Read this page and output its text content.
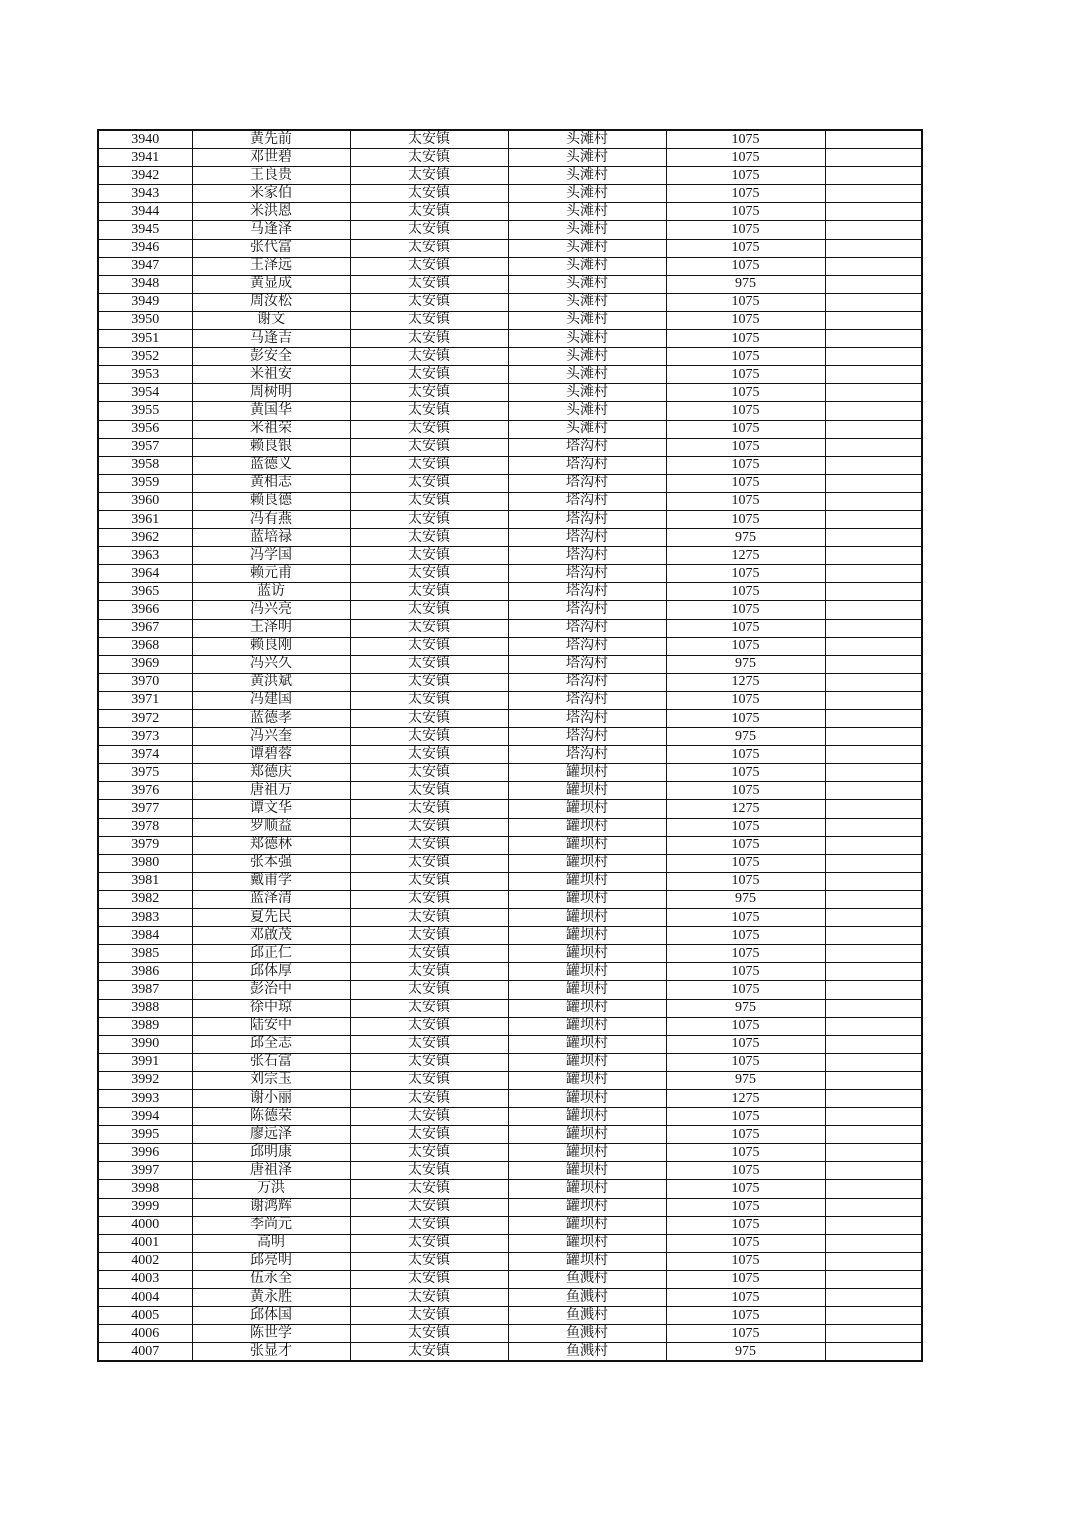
3940	黄先前	太安镇	头滩村	1075	
3941	邓世碧	太安镇	头滩村	1075	
3942	王良贵	太安镇	头滩村	1075	
3943	米家伯	太安镇	头滩村	1075	
3944	米洪恩	太安镇	头滩村	1075	
3945	马逢泽	太安镇	头滩村	1075	
3946	张代富	太安镇	头滩村	1075	
3947	王泽远	太安镇	头滩村	1075	
3948	黄显成	太安镇	头滩村	975	
3949	周汝松	太安镇	头滩村	1075	
3950	谢文	太安镇	头滩村	1075	
3951	马逢吉	太安镇	头滩村	1075	
3952	彭安全	太安镇	头滩村	1075	
3953	米祖安	太安镇	头滩村	1075	
3954	周树明	太安镇	头滩村	1075	
3955	黄国华	太安镇	头滩村	1075	
3956	米祖荣	太安镇	头滩村	1075	
3957	赖良银	太安镇	塔沟村	1075	
3958	蓝德义	太安镇	塔沟村	1075	
3959	黄相志	太安镇	塔沟村	1075	
3960	赖良德	太安镇	塔沟村	1075	
3961	冯有燕	太安镇	塔沟村	1075	
3962	蓝培禄	太安镇	塔沟村	975	
3963	冯学国	太安镇	塔沟村	1275	
3964	赖元甫	太安镇	塔沟村	1075	
3965	蓝访	太安镇	塔沟村	1075	
3966	冯兴亮	太安镇	塔沟村	1075	
3967	王泽明	太安镇	塔沟村	1075	
3968	赖良刚	太安镇	塔沟村	1075	
3969	冯兴久	太安镇	塔沟村	975	
3970	黄洪斌	太安镇	塔沟村	1275	
3971	冯建国	太安镇	塔沟村	1075	
3972	蓝德孝	太安镇	塔沟村	1075	
3973	冯兴奎	太安镇	塔沟村	975	
3974	谭碧蓉	太安镇	塔沟村	1075	
3975	郑德庆	太安镇	罐坝村	1075	
3976	唐祖万	太安镇	罐坝村	1075	
3977	谭文华	太安镇	罐坝村	1275	
3978	罗顺益	太安镇	罐坝村	1075	
3979	郑德林	太安镇	罐坝村	1075	
3980	张本强	太安镇	罐坝村	1075	
3981	戴甫学	太安镇	罐坝村	1075	
3982	蓝泽清	太安镇	罐坝村	975	
3983	夏先民	太安镇	罐坝村	1075	
3984	邓啟茂	太安镇	罐坝村	1075	
3985	邱正仁	太安镇	罐坝村	1075	
3986	邱体厚	太安镇	罐坝村	1075	
3987	彭治中	太安镇	罐坝村	1075	
3988	徐中琼	太安镇	罐坝村	975	
3989	陆安中	太安镇	罐坝村	1075	
3990	邱全志	太安镇	罐坝村	1075	
3991	张石富	太安镇	罐坝村	1075	
3992	刘宗玉	太安镇	罐坝村	975	
3993	谢小丽	太安镇	罐坝村	1275	
3994	陈德荣	太安镇	罐坝村	1075	
3995	廖远泽	太安镇	罐坝村	1075	
3996	邱明康	太安镇	罐坝村	1075	
3997	唐祖泽	太安镇	罐坝村	1075	
3998	万洪	太安镇	罐坝村	1075	
3999	谢鸿辉	太安镇	罐坝村	1075	
4000	李尚元	太安镇	罐坝村	1075	
4001	高明	太安镇	罐坝村	1075	
4002	邱亮明	太安镇	罐坝村	1075	
4003	伍永全	太安镇	鱼溅村	1075	
4004	黄永胜	太安镇	鱼溅村	1075	
4005	邱体国	太安镇	鱼溅村	1075	
4006	陈世学	太安镇	鱼溅村	1075	
4007	张显才	太安镇	鱼溅村	975	
